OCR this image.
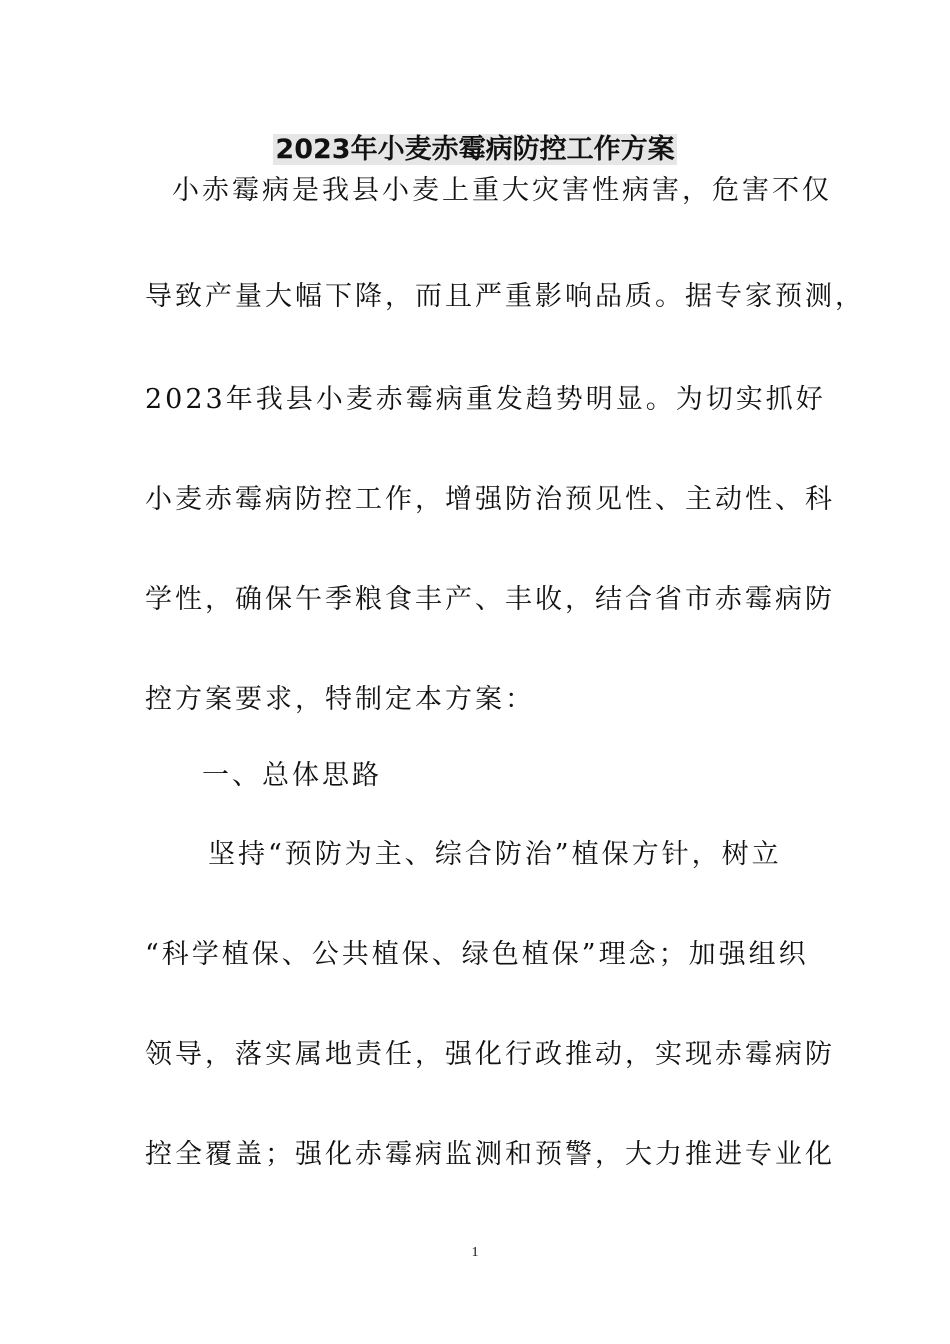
2023年小麦赤霉病防控工作方案
小赤霉病是我县小麦上重大灾害性病害，危害不仅
导致产量大幅下降，而且严重影响品质。据专家预测，
2023年我县小麦赤霉病重发趋势明显。为切实抓好
小麦赤霉病防控工作，增强防治预见性、主动性、科
学性，确保午季粮食丰产、丰收，结合省市赤霉病防
控方案要求，特制定本方案：
一、总体思路
坚持“预防为主、综合防治”植保方针，树立
“科学植保、公共植保、绿色植保”理念；加强组织
领导，落实属地责任，强化行政推动，实现赤霉病防
控全覆盖；强化赤霉病监测和预警，大力推进专业化
1
